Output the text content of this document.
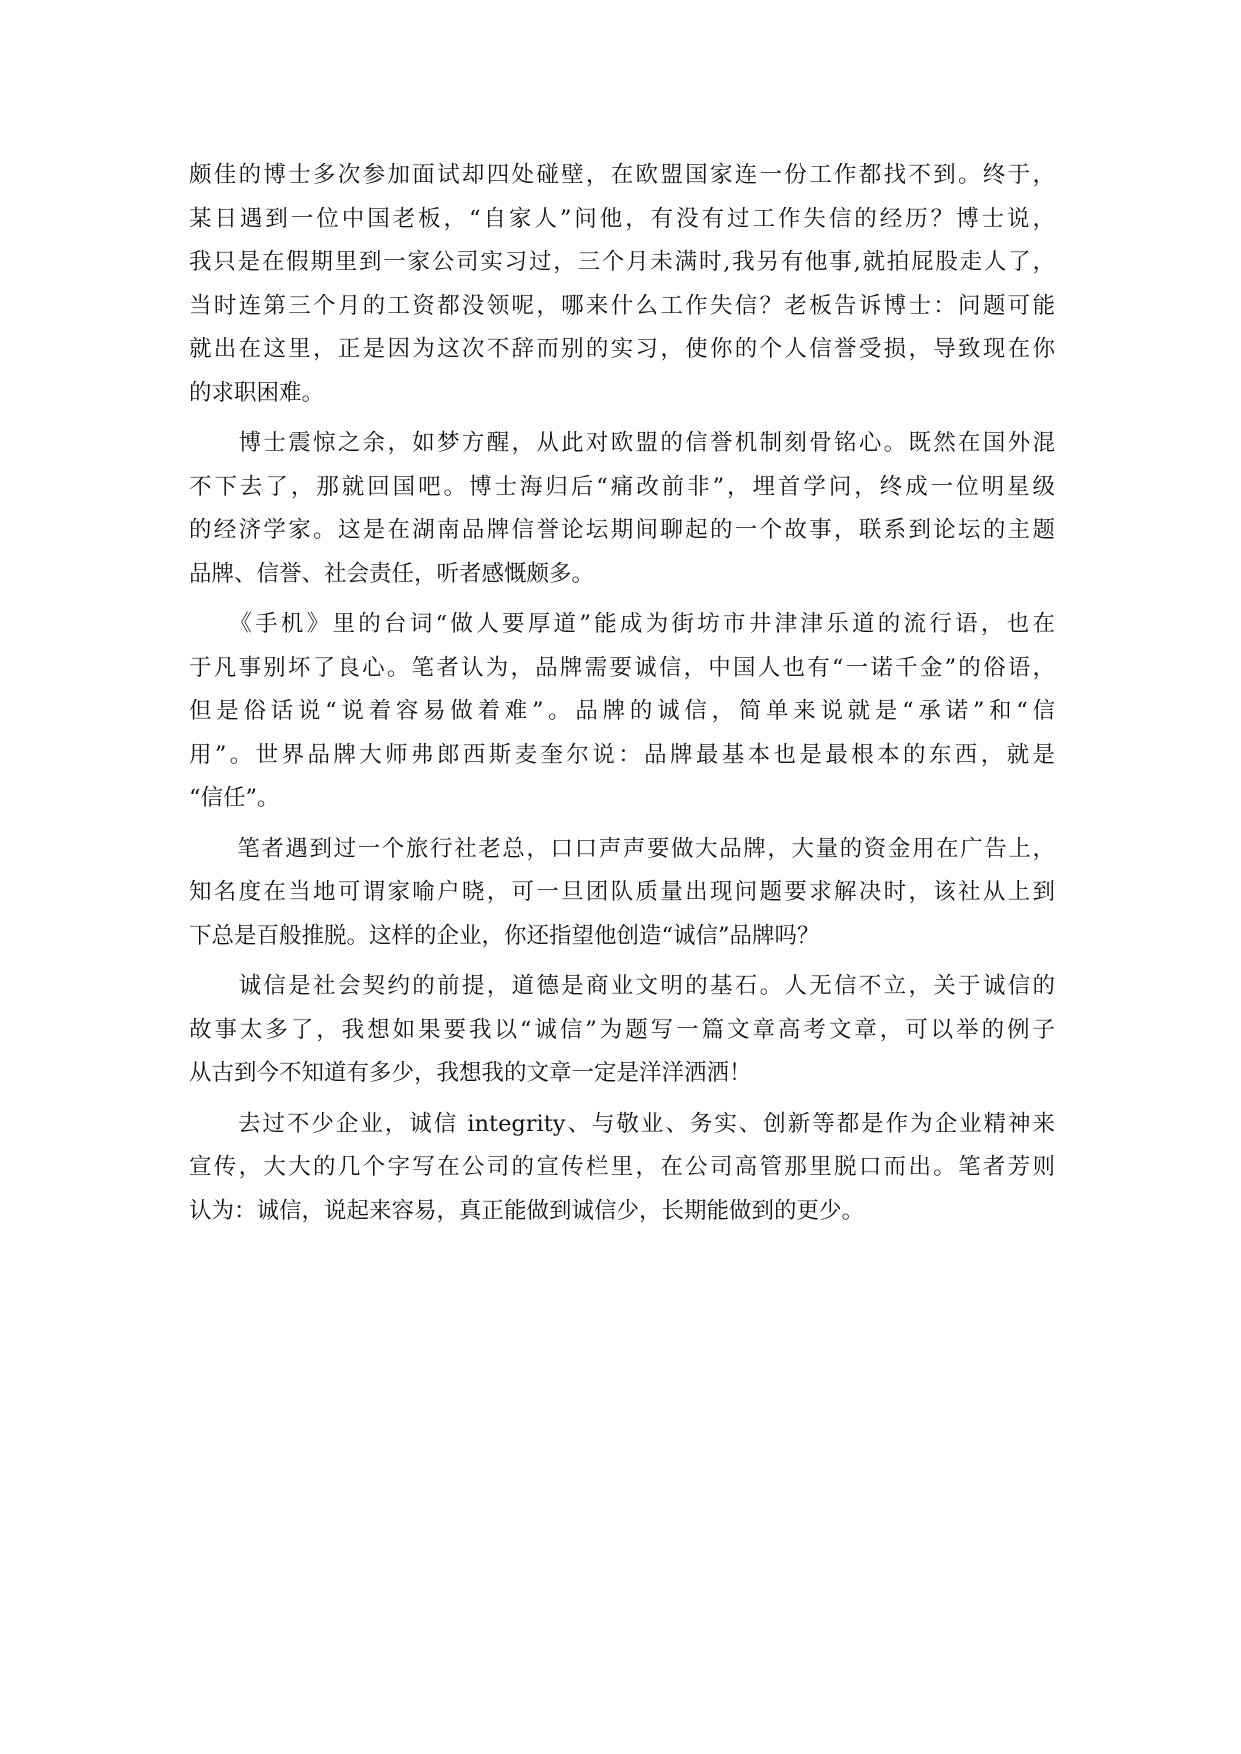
颇佳的博士多次参加面试却四处碰壁，在欧盟国家连一份工作都找不到。终于，
某日遇到一位中国老板，“自家人”问他，有没有过工作失信的经历？博士说，
我只是在假期里到一家公司实习过，三个月未满时,我另有他事,就拍屁股走人了，
当时连第三个月的工资都没领呢，哪来什么工作失信？老板告诉博士：问题可能
就出在这里，正是因为这次不辞而别的实习，使你的个人信誉受损，导致现在你
的求职困难。
　　博士震惊之余，如梦方醒，从此对欧盟的信誉机制刻骨铭心。既然在国外混
不下去了，那就回国吧。博士海归后“痛改前非”，埋首学问，终成一位明星级
的经济学家。这是在湖南品牌信誉论坛期间聊起的一个故事，联系到论坛的主题
品牌、信誉、社会责任，听者感慨颇多。
　　《手机》里的台词“做人要厚道”能成为街坊市井津津乐道的流行语，也在
于凡事别坏了良心。笔者认为，品牌需要诚信，中国人也有“一诺千金”的俗语，
但是俗话说“说着容易做着难”。品牌的诚信，简单来说就是“承诺”和“信
用”。世界品牌大师弗郎西斯麦奎尔说：品牌最基本也是最根本的东西，就是
“信任”。
　　笔者遇到过一个旅行社老总，口口声声要做大品牌，大量的资金用在广告上，
知名度在当地可谓家喻户晓，可一旦团队质量出现问题要求解决时，该社从上到
下总是百般推脱。这样的企业，你还指望他创造“诚信”品牌吗？
　　诚信是社会契约的前提，道德是商业文明的基石。人无信不立，关于诚信的
故事太多了，我想如果要我以“诚信”为题写一篇文章高考文章，可以举的例子
从古到今不知道有多少，我想我的文章一定是洋洋洒洒！
　　去过不少企业，诚信 integrity、与敬业、务实、创新等都是作为企业精神来
宣传，大大的几个字写在公司的宣传栏里，在公司高管那里脱口而出。笔者芳则
认为：诚信，说起来容易，真正能做到诚信少，长期能做到的更少。
